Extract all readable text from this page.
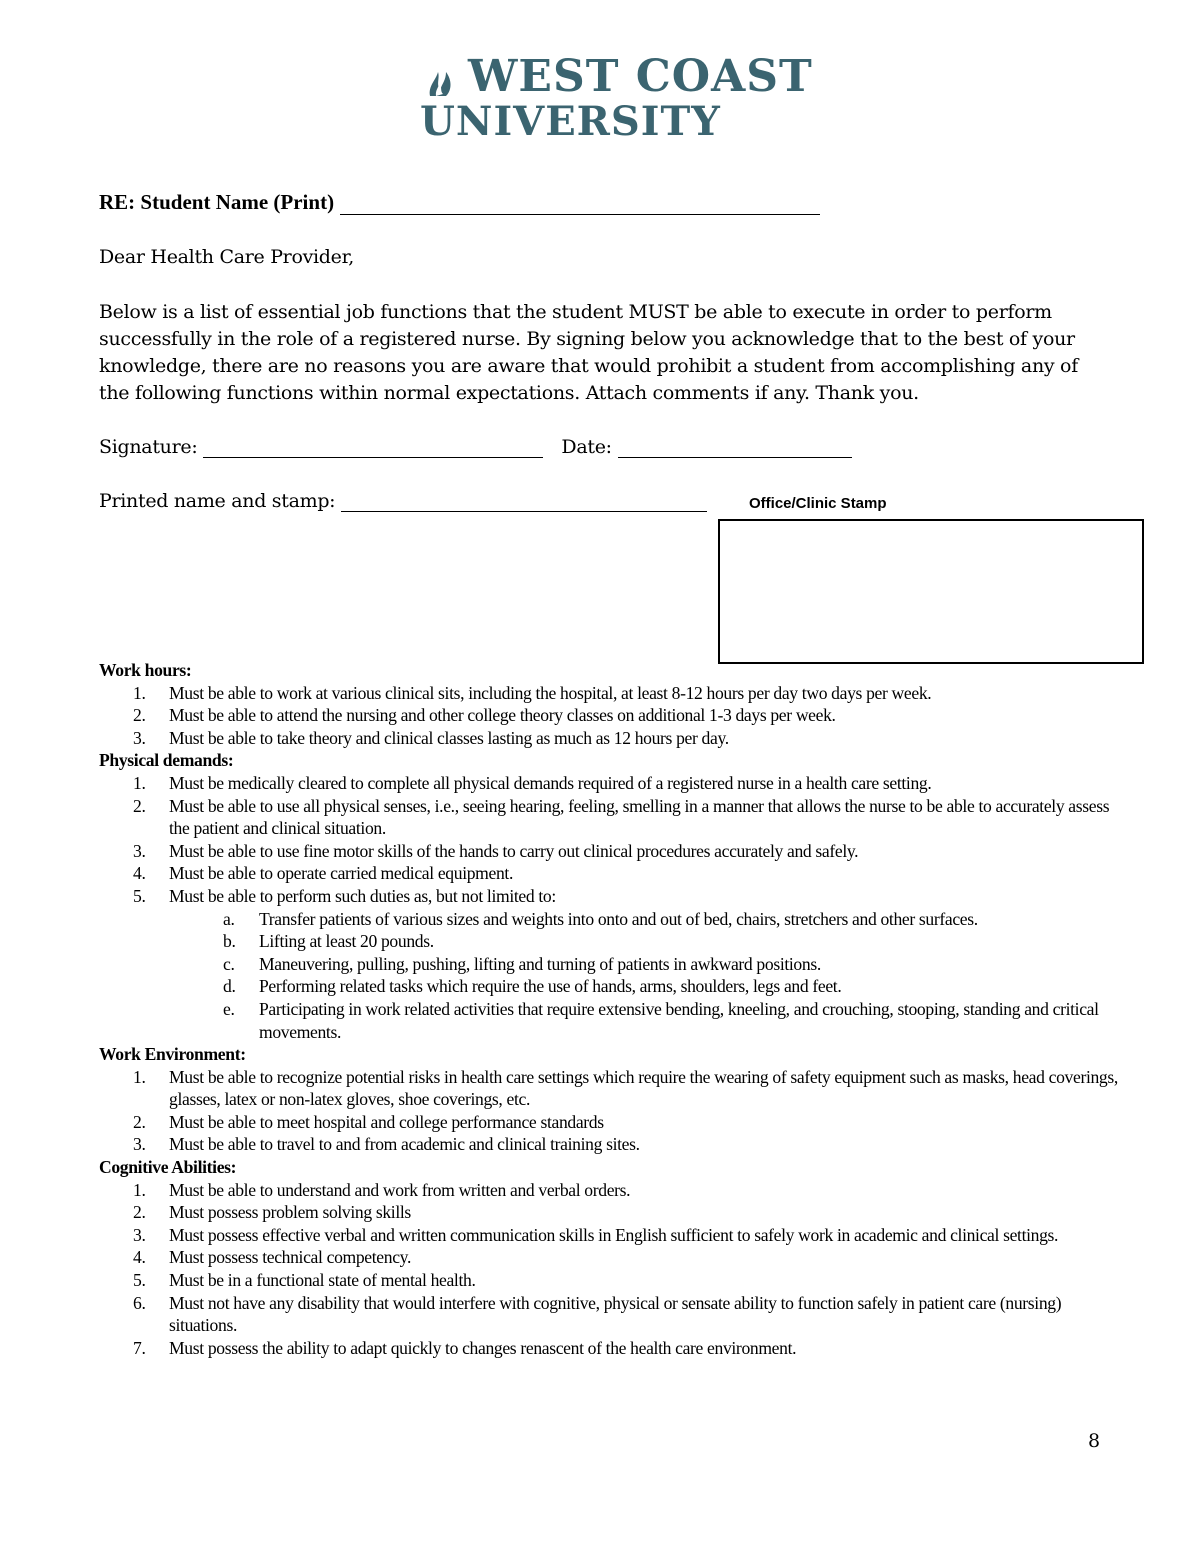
WEST COAST
UNIVERSITY
RE: Student Name (Print)
Dear Health Care Provider,
Below is a list of essential job functions that the student MUST be able to execute in order to perform successfully in the role of a registered nurse. By signing below you acknowledge that to the best of your knowledge, there are no reasons you are aware that would prohibit a student from accomplishing any of the following functions within normal expectations. Attach comments if any. Thank you.
Signature:	Date:
Printed name and stamp:	Office/Clinic Stamp
Work hours:
1.	Must be able to work at various clinical sits, including the hospital, at least 8-12 hours per day two days per week.
2.	Must be able to attend the nursing and other college theory classes on additional 1-3 days per week.
3.	Must be able to take theory and clinical classes lasting as much as 12 hours per day.
Physical demands:
1.	Must be medically cleared to complete all physical demands required of a registered nurse in a health care setting.
2.	Must be able to use all physical senses, i.e., seeing hearing, feeling, smelling in a manner that allows the nurse to be able to accurately assess the patient and clinical situation.
3.	Must be able to use fine motor skills of the hands to carry out clinical procedures accurately and safely.
4.	Must be able to operate carried medical equipment.
5.	Must be able to perform such duties as, but not limited to:
a.	Transfer patients of various sizes and weights into onto and out of bed, chairs, stretchers and other surfaces.
b.	Lifting at least 20 pounds.
c.	Maneuvering, pulling, pushing, lifting and turning of patients in awkward positions.
d.	Performing related tasks which require the use of hands, arms, shoulders, legs and feet.
e.	Participating in work related activities that require extensive bending, kneeling, and crouching, stooping, standing and critical movements.
Work Environment:
1.	Must be able to recognize potential risks in health care settings which require the wearing of safety equipment such as masks, head coverings, glasses, latex or non-latex gloves, shoe coverings, etc.
2.	Must be able to meet hospital and college performance standards
3.	Must be able to travel to and from academic and clinical training sites.
Cognitive Abilities:
1.	Must be able to understand and work from written and verbal orders.
2.	Must possess problem solving skills
3.	Must possess effective verbal and written communication skills in English sufficient to safely work in academic and clinical settings.
4.	Must possess technical competency.
5.	Must be in a functional state of mental health.
6.	Must not have any disability that would interfere with cognitive, physical or sensate ability to function safely in patient care (nursing) situations.
7.	Must possess the ability to adapt quickly to changes renascent of the health care environment.
8
